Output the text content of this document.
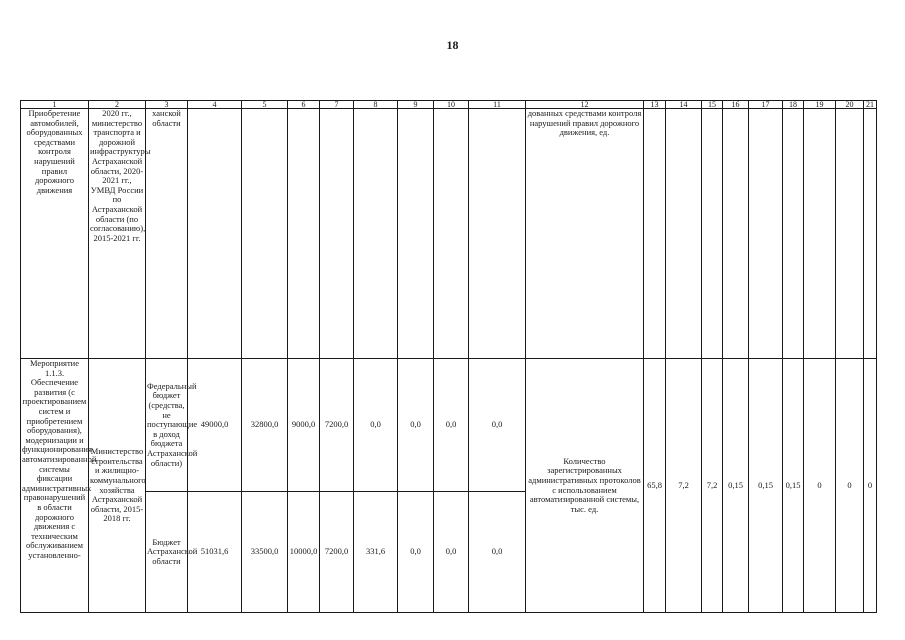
18
1	2	3	4	5	6	7	8	9	10	11	12	13	14	15	16	17	18	19	20	21
Приобретение автомобилей, оборудованных средствами контроля нарушений правил дорожного движения	2020 гг., министерство транспорта и дорожной инфраструктуры Астраханской области, 2020-2021 гг., УМВД России по Астраханской области (по согласованию), 2015-2021 гг.	ханской области									дованных средствами контроля нарушений правил дорожного движения, ед.									
Мероприятие 1.1.3. Обеспечение развития (с проектированием систем и приобретением оборудования), модернизации и функционирования автоматизированной системы фиксации административных правонарушений в области дорожного движения с техническим обслуживанием установленно-	Министерство строительства и жилищно-коммунального хозяйства Астраханской области, 2015-2018 гг.	Федеральный бюджет (средства, не поступающие в доход бюджета Астраханской области)	49000,0	32800,0	9000,0	7200,0	0,0	0,0	0,0	0,0	Количество зарегистрированных административных протоколов с использованием автоматизированной системы, тыс. ед.	65,8	7,2	7,2	0,15	0,15	0,15	0	0	0
		Бюджет Астраханской области	51031,6	33500,0	10000,0	7200,0	331,6	0,0	0,0	0,0										
